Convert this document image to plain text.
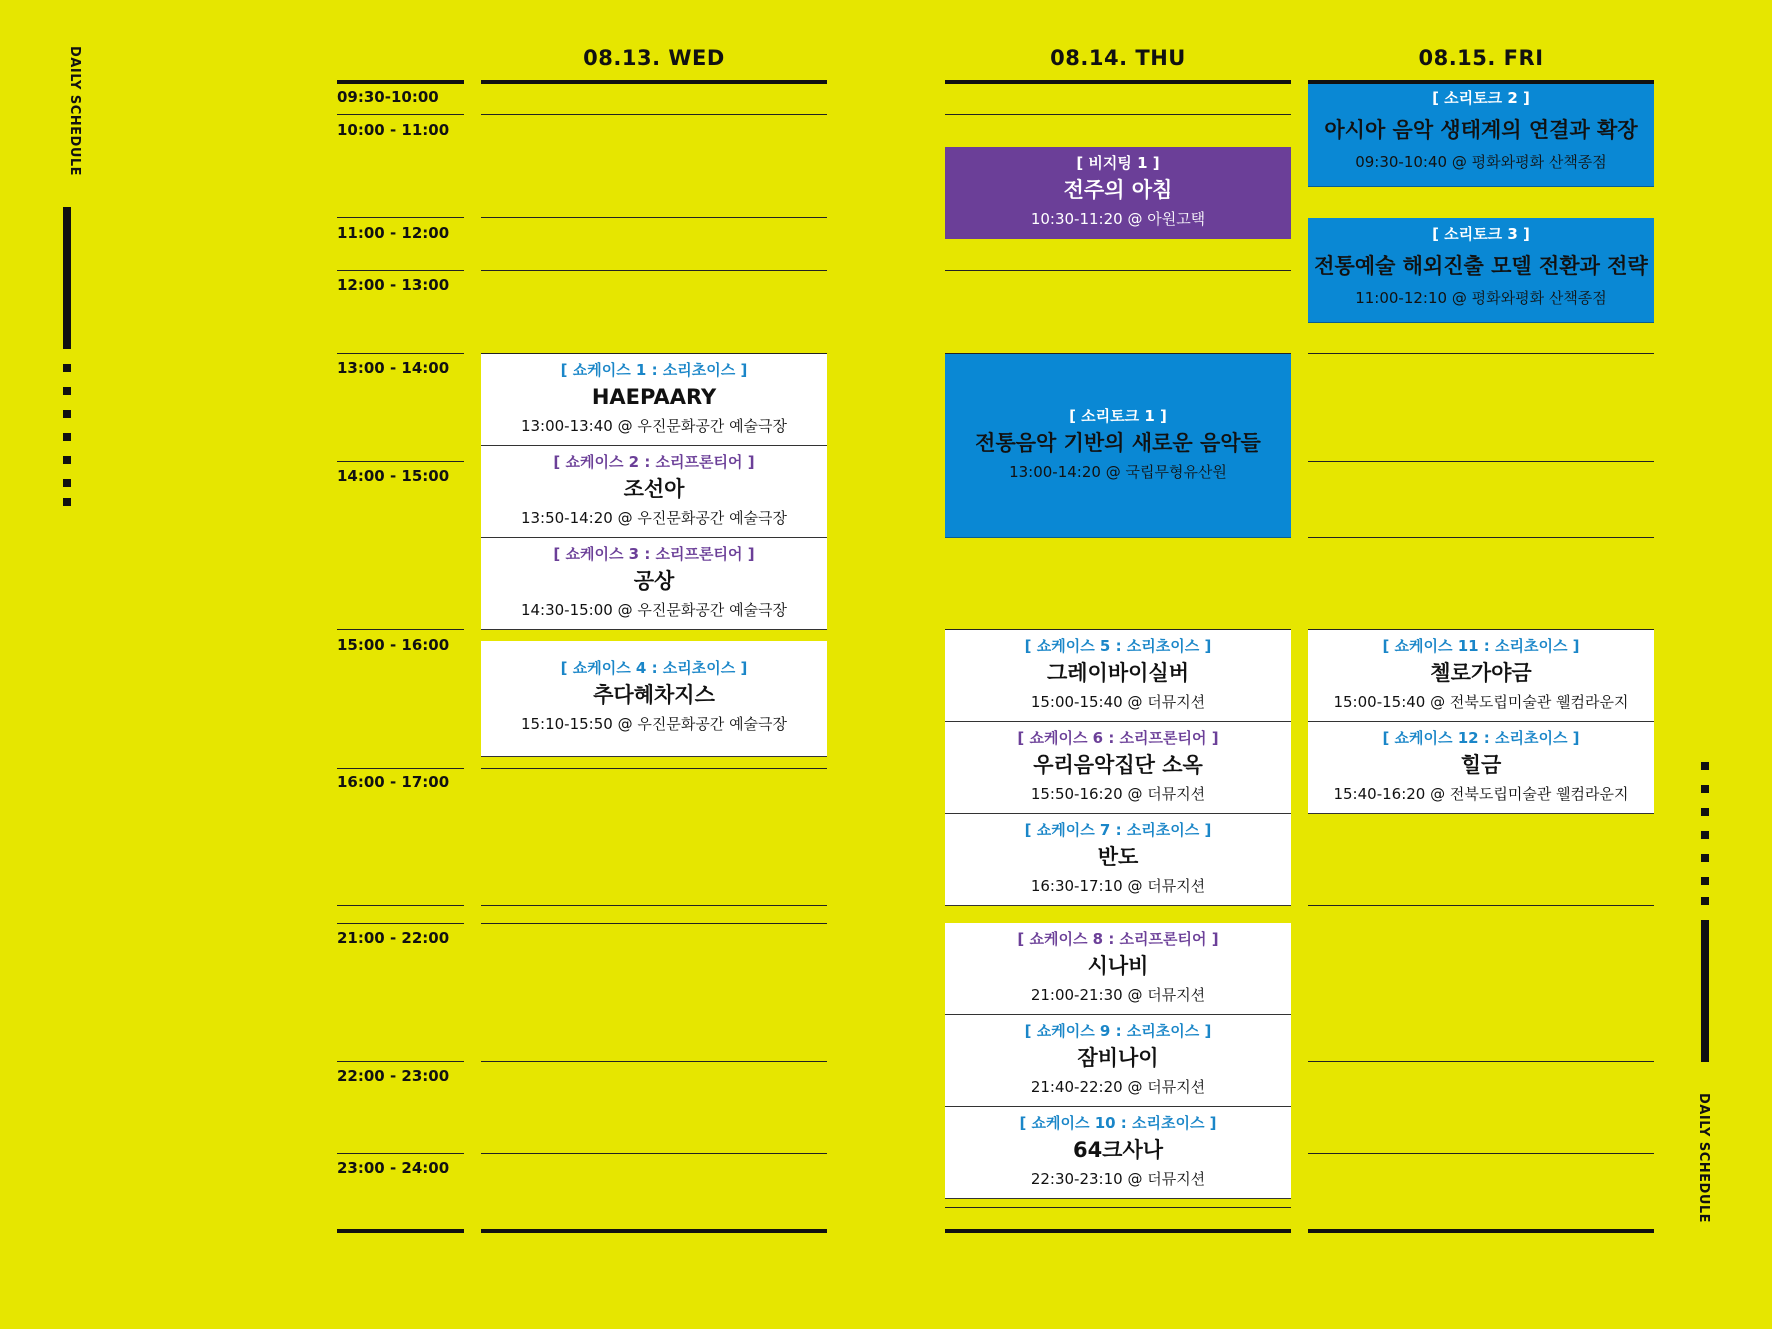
DAILY SCHEDULE
DAILY SCHEDULE
08.13. WED	08.14. THU	08.15. FRI
09:30-10:00
10:00 - 11:00
11:00 - 12:00
12:00 - 13:00
13:00 - 14:00
14:00 - 15:00
15:00 - 16:00
16:00 - 17:00
21:00 - 22:00
22:00 - 23:00
23:00 - 24:00
[ 쇼케이스 1 : 소리초이스 ]
HAEPAARY
13:00-13:40 @ 우진문화공간 예술극장
[ 쇼케이스 2 : 소리프론티어 ]
조선아
13:50-14:20 @ 우진문화공간 예술극장
[ 쇼케이스 3 : 소리프론티어 ]
공상
14:30-15:00 @ 우진문화공간 예술극장
[ 쇼케이스 4 : 소리초이스 ]
추다혜차지스
15:10-15:50 @ 우진문화공간 예술극장
[ 비지팅 1 ]
전주의 아침
10:30-11:20 @ 아원고택
[ 소리토크 1 ]
전통음악 기반의 새로운 음악들
13:00-14:20 @ 국립무형유산원
[ 쇼케이스 5 : 소리초이스 ]
그레이바이실버
15:00-15:40 @ 더뮤지션
[ 쇼케이스 6 : 소리프론티어 ]
우리음악집단 소옥
15:50-16:20 @ 더뮤지션
[ 쇼케이스 7 : 소리초이스 ]
반도
16:30-17:10 @ 더뮤지션
[ 쇼케이스 8 : 소리프론티어 ]
시나비
21:00-21:30 @ 더뮤지션
[ 쇼케이스 9 : 소리초이스 ]
잠비나이
21:40-22:20 @ 더뮤지션
[ 쇼케이스 10 : 소리초이스 ]
64크사나
22:30-23:10 @ 더뮤지션
[ 소리토크 2 ]
아시아 음악 생태계의 연결과 확장
09:30-10:40 @ 평화와평화 산책종점
[ 소리토크 3 ]
전통예술 해외진출 모델 전환과 전략
11:00-12:10 @ 평화와평화 산책종점
[ 쇼케이스 11 : 소리초이스 ]
첼로가야금
15:00-15:40 @ 전북도립미술관 웰컴라운지
[ 쇼케이스 12 : 소리초이스 ]
힐금
15:40-16:20 @ 전북도립미술관 웰컴라운지
